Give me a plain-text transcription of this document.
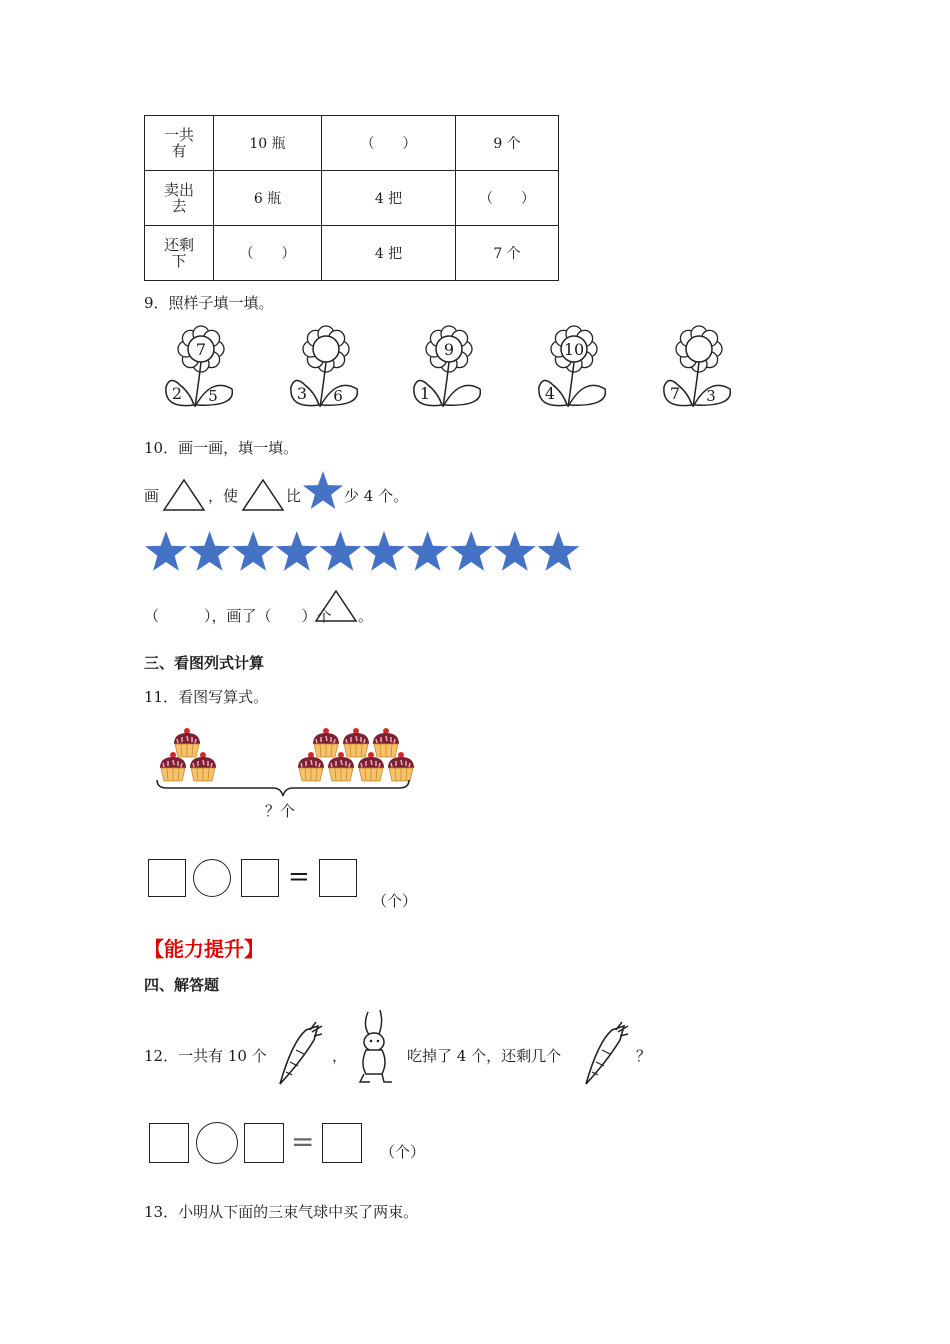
一共有	10 瓶	（　　）	9 个
卖出去	6 瓶	4 把	（　　）
还剩下	（　　）	4 把	7 个
9．照样子填一填。
7
2 5	3 6
9
1
10
4	7 3
10．画一画，填一填。
画	，使	比	少 4 个。
（　　　），画了（　　）个 。
三、看图列式计算
11．看图写算式。
？个
=
（个）
【能力提升】
四、解答题
12．一共有 10 个	，	吃掉了 4 个，还剩几个	？
=	（个）
13．小明从下面的三束气球中买了两束。
